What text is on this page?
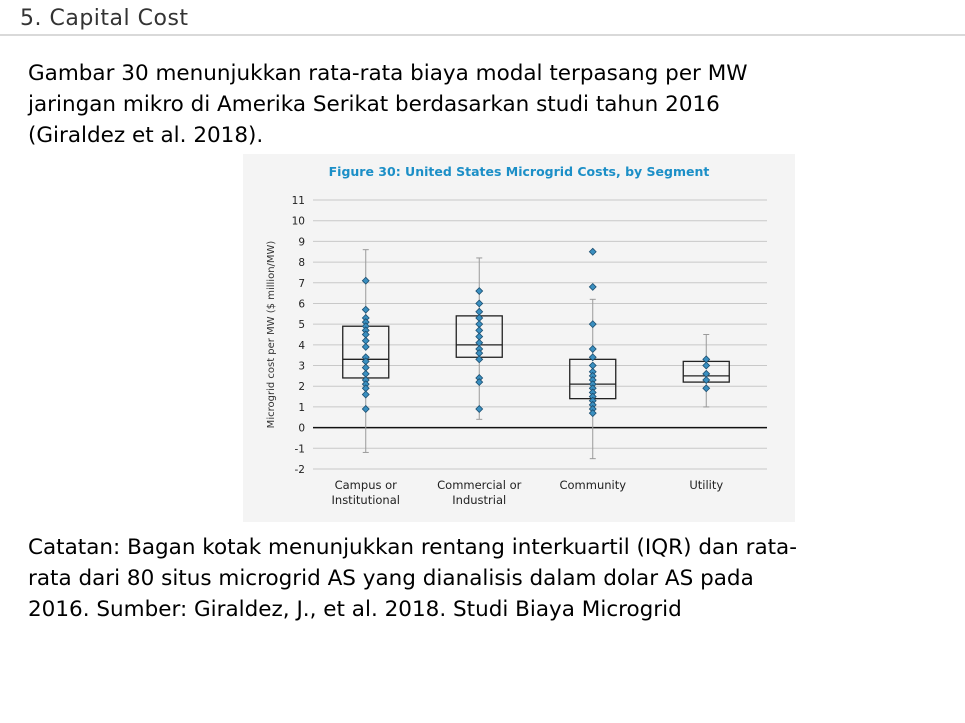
5. Capital Cost

Gambar 30 menunjukkan rata-rata biaya modal terpasang per MW
jaringan mikro di Amerika Serikat berdasarkan studi tahun 2016
(Giraldez et al. 2018).

-2
-1
0
1
2
3
4
5
6
7
8
9
10
11
Microgrid cost per MW ($ million/MW)
Campus or
Institutional
Commercial or
Industrial
Community	Utility
Figure 30: United States Microgrid Costs, by Segment

Catatan: Bagan kotak menunjukkan rentang interkuartil (IQR) dan rata-
rata dari 80 situs microgrid AS yang dianalisis dalam dolar AS pada
2016. Sumber: Giraldez, J., et al. 2018. Studi Biaya Microgrid
